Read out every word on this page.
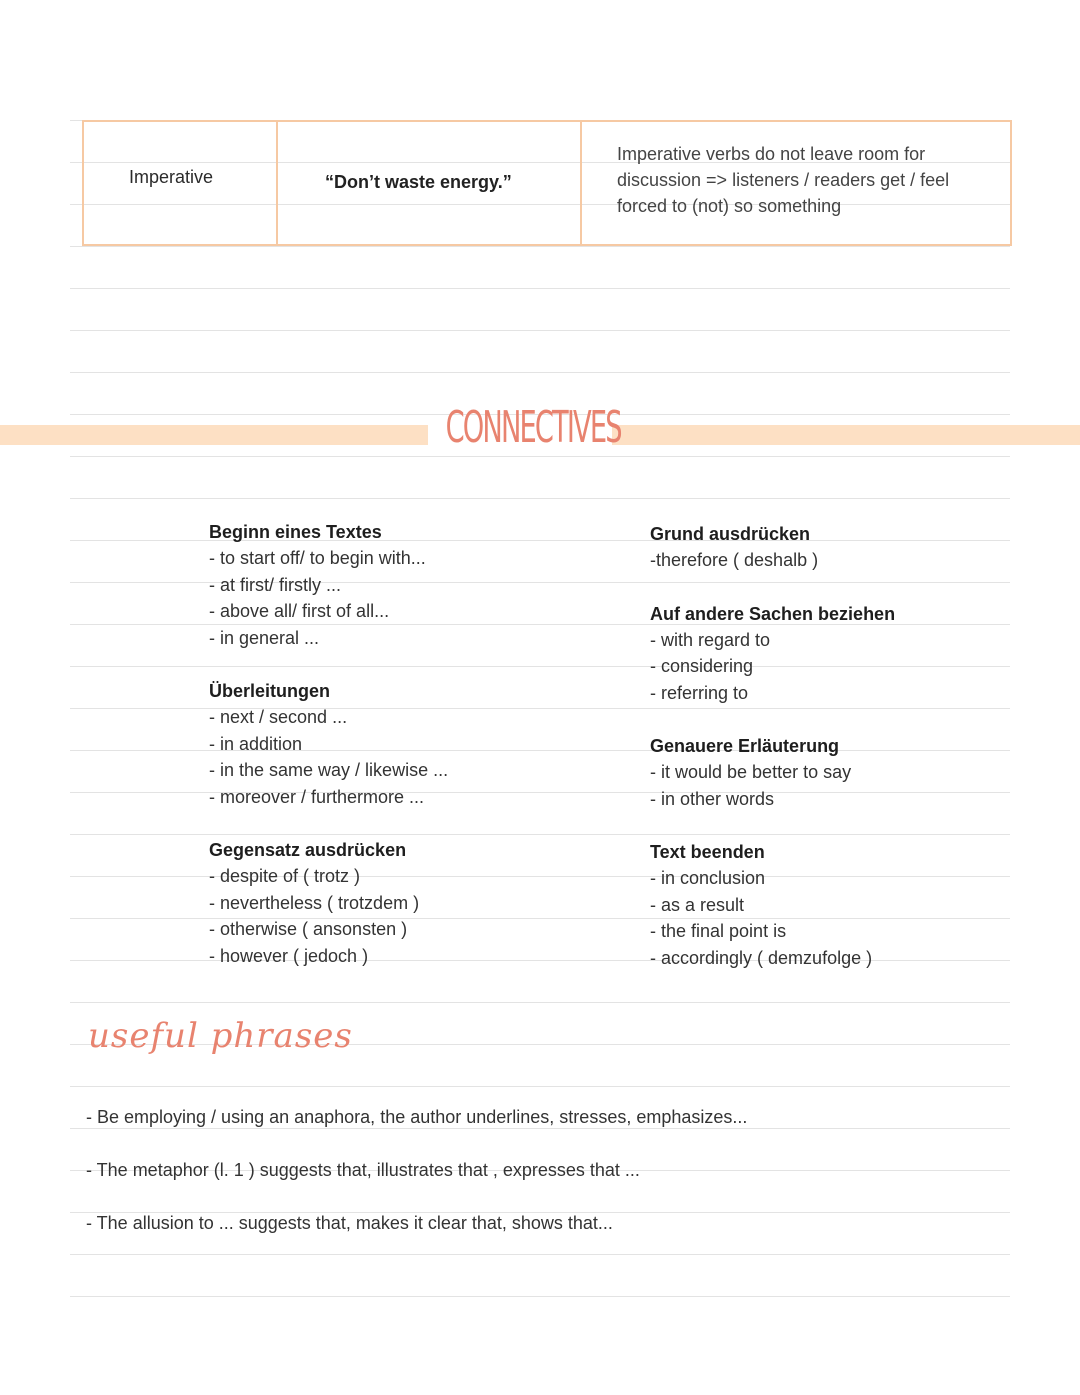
Imperative	“Don’t waste energy.”
Imperative verbs do not leave room for
discussion => listeners / readers get / feel
forced to (not) so something
CONNECTIVES
Beginn eines Textes
- to start off/ to begin with...
- at first/ firstly ...
- above all/ first of all...
- in general ...
Überleitungen
- next / second ...
- in addition
- in the same way / likewise ...
- moreover / furthermore ...
Gegensatz ausdrücken
- despite of ( trotz )
- nevertheless ( trotzdem )
- otherwise ( ansonsten )
- however ( jedoch )
Grund ausdrücken
-therefore ( deshalb )
Auf andere Sachen beziehen
- with regard to
- considering
- referring to
Genauere Erläuterung
- it would be better to say
- in other words
Text beenden
- in conclusion
- as a result
- the final point is
- accordingly ( demzufolge )
useful phrases
- Be employing / using an anaphora, the author underlines, stresses, emphasizes...
- The metaphor (l. 1 ) suggests that, illustrates that , expresses that ...
- The allusion to ... suggests that, makes it clear that, shows that...
